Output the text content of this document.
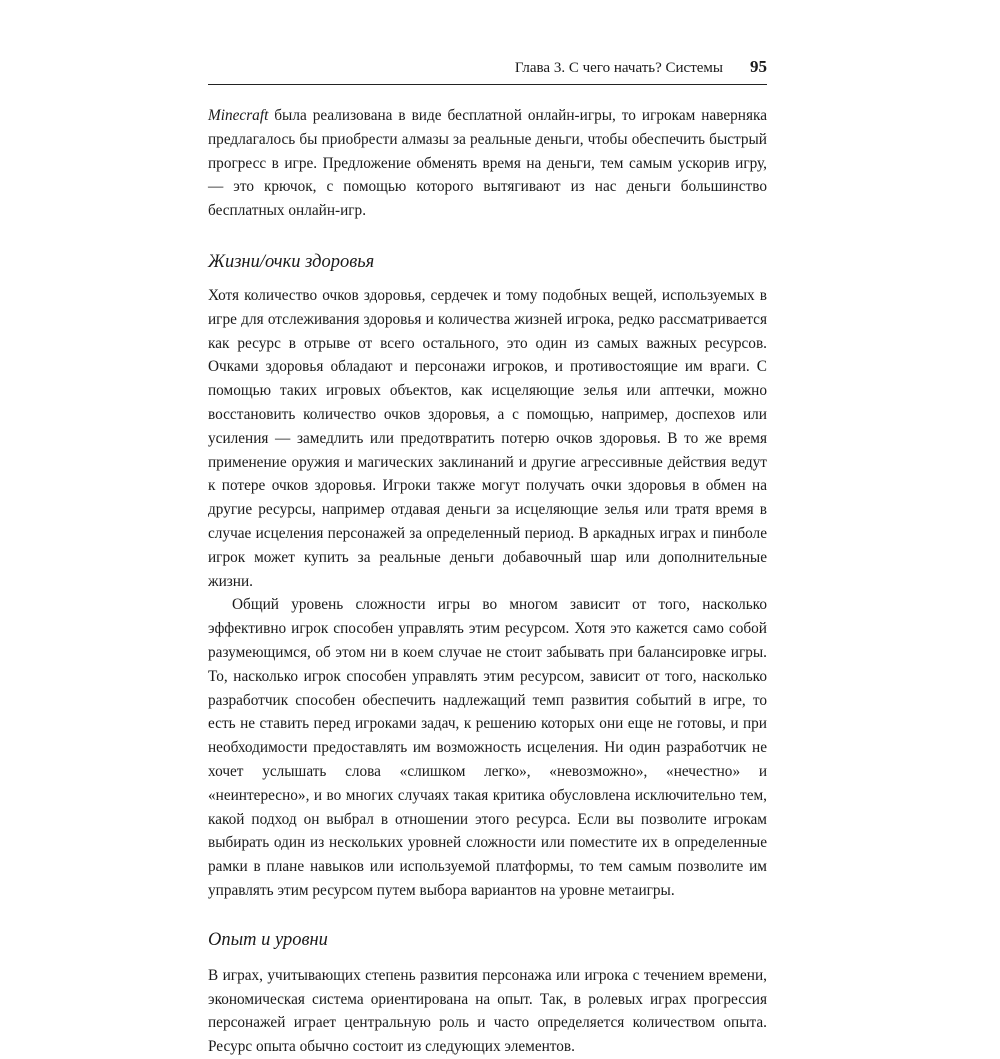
Глава 3. С чего начать? Системы 95

Minecraft была реализована в виде бесплатной онлайн-игры, то игрокам наверняка предлагалось бы приобрести алмазы за реальные деньги, чтобы обеспечить быстрый прогресс в игре. Предложение обменять время на деньги, тем самым ускорив игру, — это крючок, с помощью которого вытягивают из нас деньги большинство бесплатных онлайн-игр.

Жизни/очки здоровья

Хотя количество очков здоровья, сердечек и тому подобных вещей, используемых в игре для отслеживания здоровья и количества жизней игрока, редко рассматривается как ресурс в отрыве от всего остального, это один из самых важных ресурсов. Очками здоровья обладают и персонажи игроков, и противостоящие им враги. С помощью таких игровых объектов, как исцеляющие зелья или аптечки, можно восстановить количество очков здоровья, а с помощью, например, доспехов или усиления — замедлить или предотвратить потерю очков здоровья. В то же время применение оружия и магических заклинаний и другие агрессивные действия ведут к потере очков здоровья. Игроки также могут получать очки здоровья в обмен на другие ресурсы, например отдавая деньги за исцеляющие зелья или тратя время в случае исцеления персонажей за определенный период. В аркадных играх и пинболе игрок может купить за реальные деньги добавочный шар или дополнительные жизни.

Общий уровень сложности игры во многом зависит от того, насколько эффективно игрок способен управлять этим ресурсом. Хотя это кажется само собой разумеющимся, об этом ни в коем случае не стоит забывать при балансировке игры. То, насколько игрок способен управлять этим ресурсом, зависит от того, насколько разработчик способен обеспечить надлежащий темп развития событий в игре, то есть не ставить перед игроками задач, к решению которых они еще не готовы, и при необходимости предоставлять им возможность исцеления. Ни один разработчик не хочет услышать слова «слишком легко», «невозможно», «нечестно» и «неинтересно», и во многих случаях такая критика обусловлена исключительно тем, какой подход он выбрал в отношении этого ресурса. Если вы позволите игрокам выбирать один из нескольких уровней сложности или поместите их в определенные рамки в плане навыков или используемой платформы, то тем самым позволите им управлять этим ресурсом путем выбора вариантов на уровне метаигры.

Опыт и уровни

В играх, учитывающих степень развития персонажа или игрока с течением времени, экономическая система ориентирована на опыт. Так, в ролевых играх прогрессия персонажей играет центральную роль и часто определяется количеством опыта. Ресурс опыта обычно состоит из следующих элементов.
